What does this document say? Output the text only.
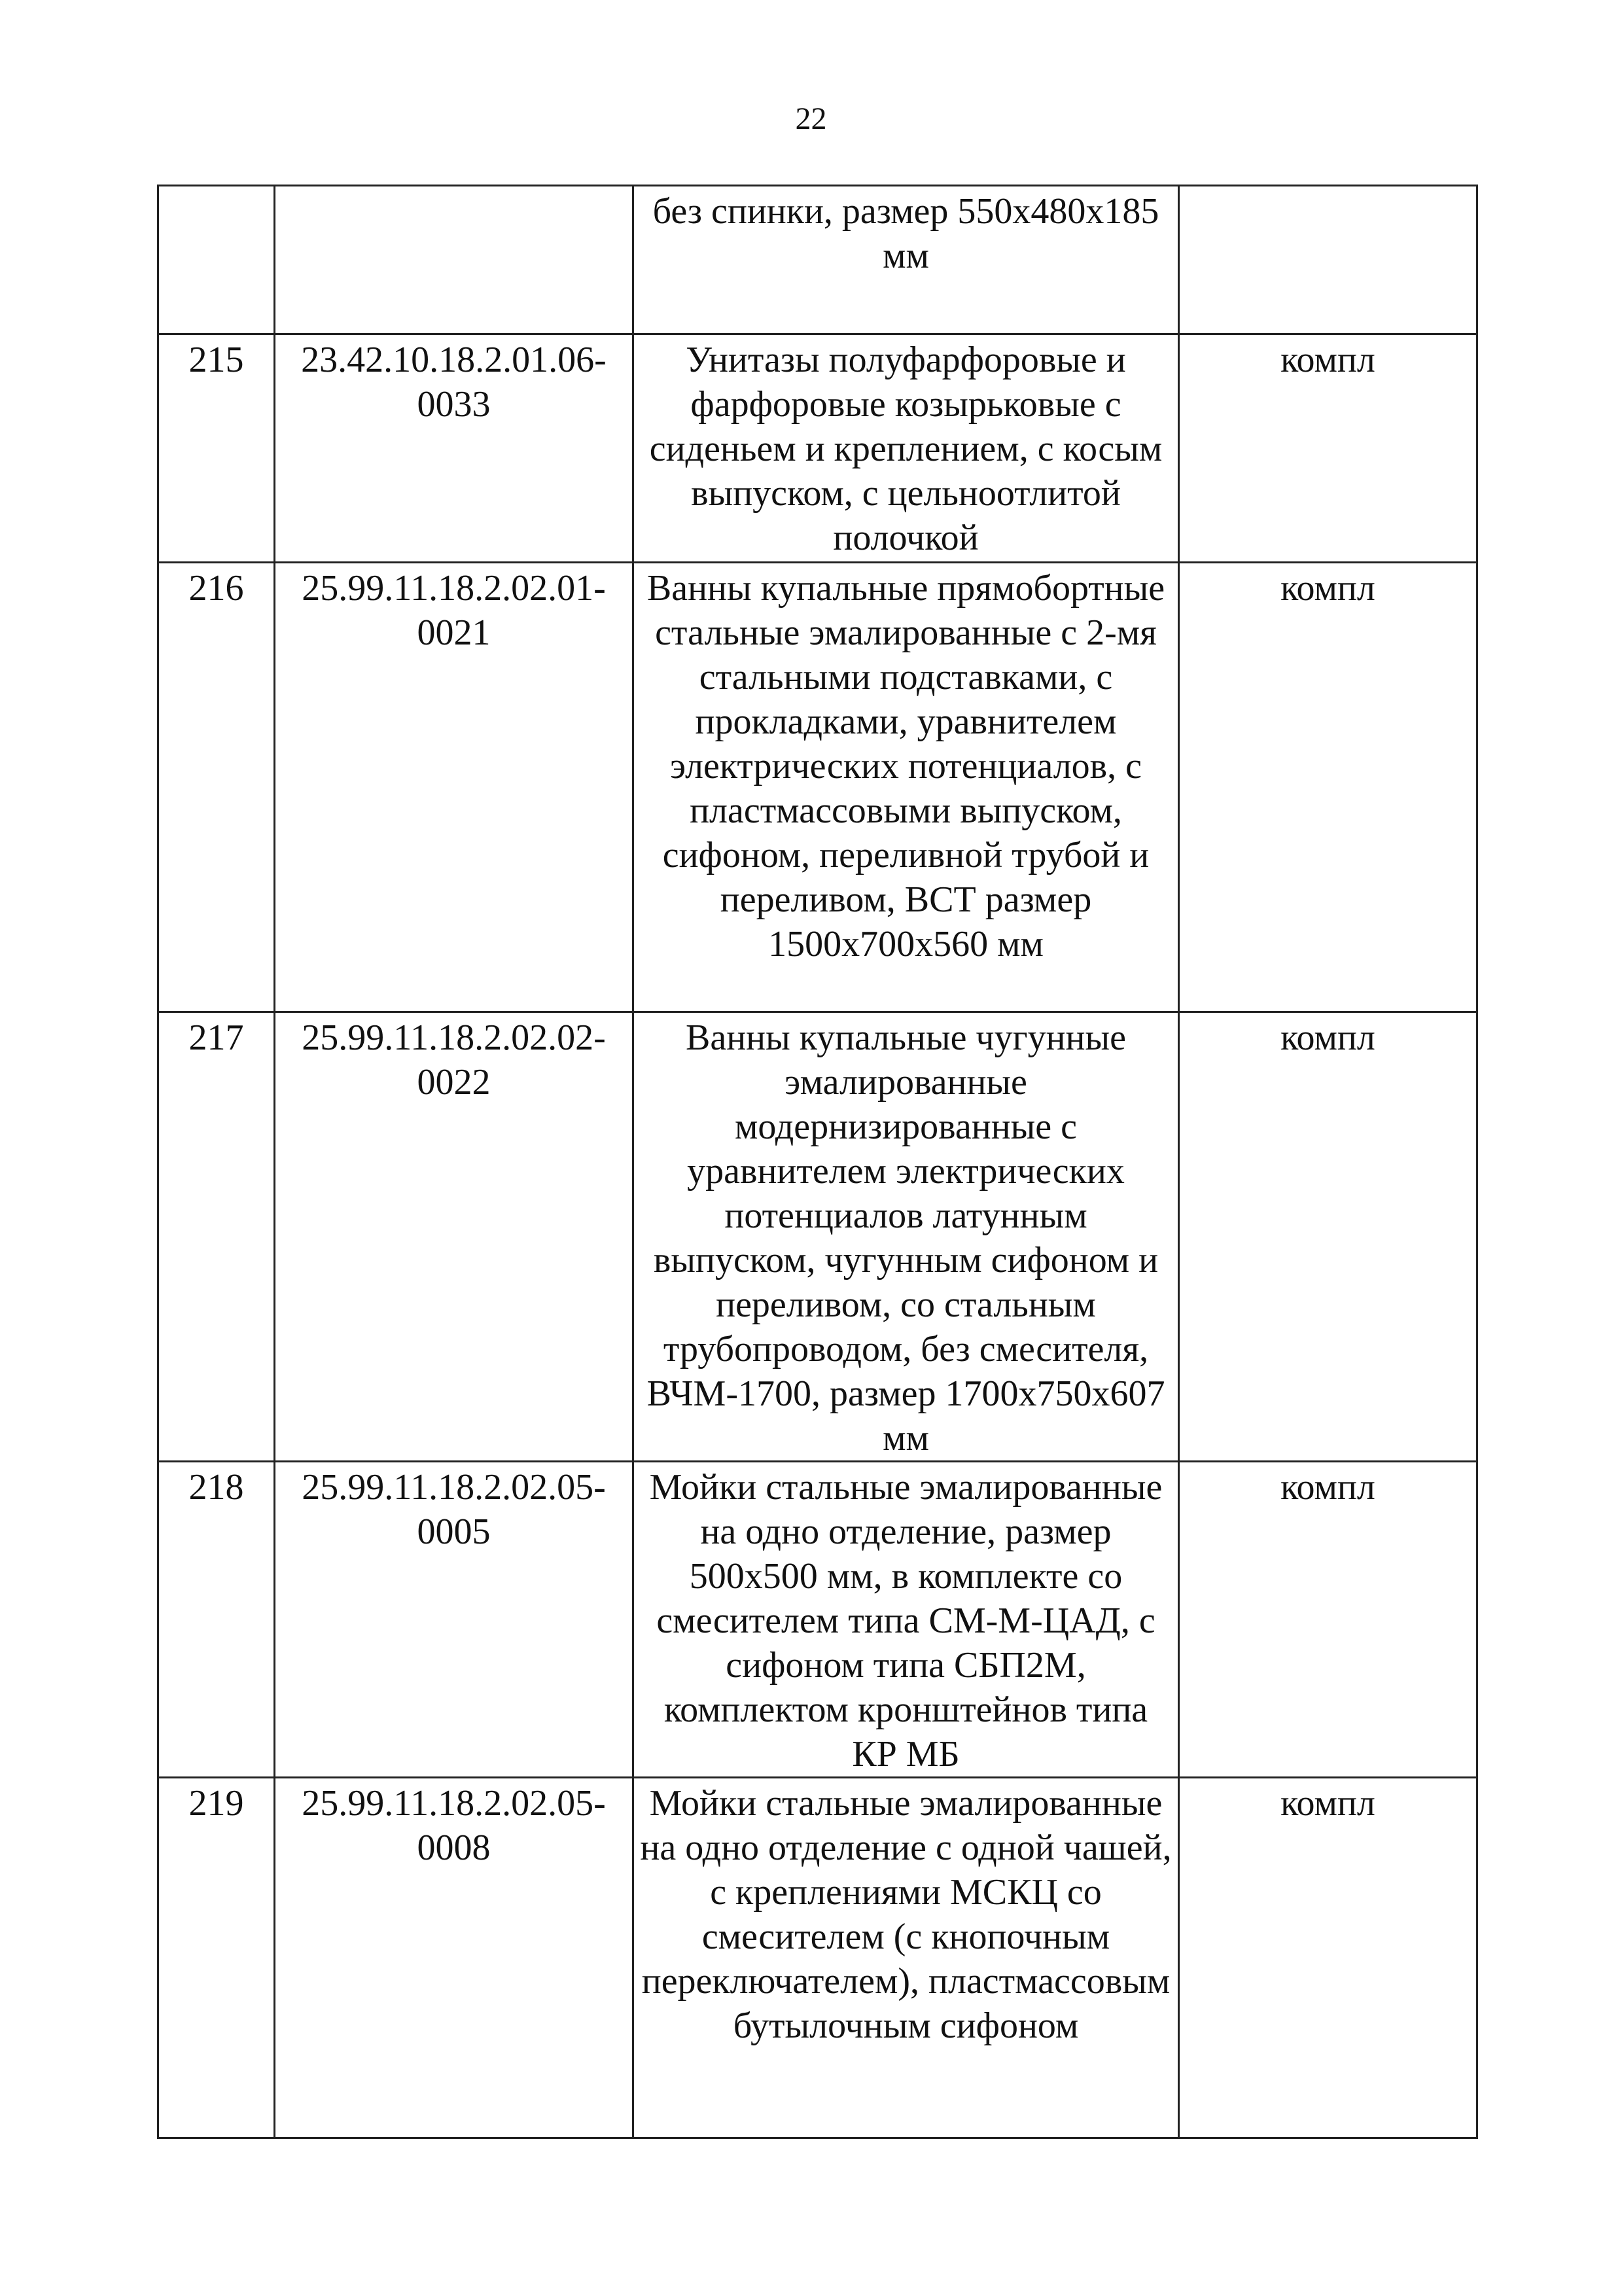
22
		без спинки, размер 550x480x185 мм	
215	23.42.10.18.2.01.06-0033	Унитазы полуфарфоровые и фарфоровые козырьковые с сиденьем и креплением, с косым выпуском, с цельноотлитой полочкой	компл
216	25.99.11.18.2.02.01-0021	Ванны купальные прямобортные стальные эмалированные с 2-мя стальными подставками, с прокладками, уравнителем электрических потенциалов, с пластмассовыми выпуском, сифоном, переливной трубой и переливом, ВСТ размер 1500x700x560 мм	компл
217	25.99.11.18.2.02.02-0022	Ванны купальные чугунные эмалированные модернизированные с уравнителем электрических потенциалов латунным выпуском, чугунным сифоном и переливом, со стальным трубопроводом, без смесителя, ВЧМ-1700, размер 1700x750x607 мм	компл
218	25.99.11.18.2.02.05-0005	Мойки стальные эмалированные на одно отделение, размер 500x500 мм, в комплекте со смесителем типа СМ-М-ЦАД, с сифоном типа СБП2М, комплектом кронштейнов типа КР МБ	компл
219	25.99.11.18.2.02.05-0008	Мойки стальные эмалированные на одно отделение с одной чашей, с креплениями МСКЦ со смесителем (с кнопочным переключателем), пластмассовым бутылочным сифоном	компл
